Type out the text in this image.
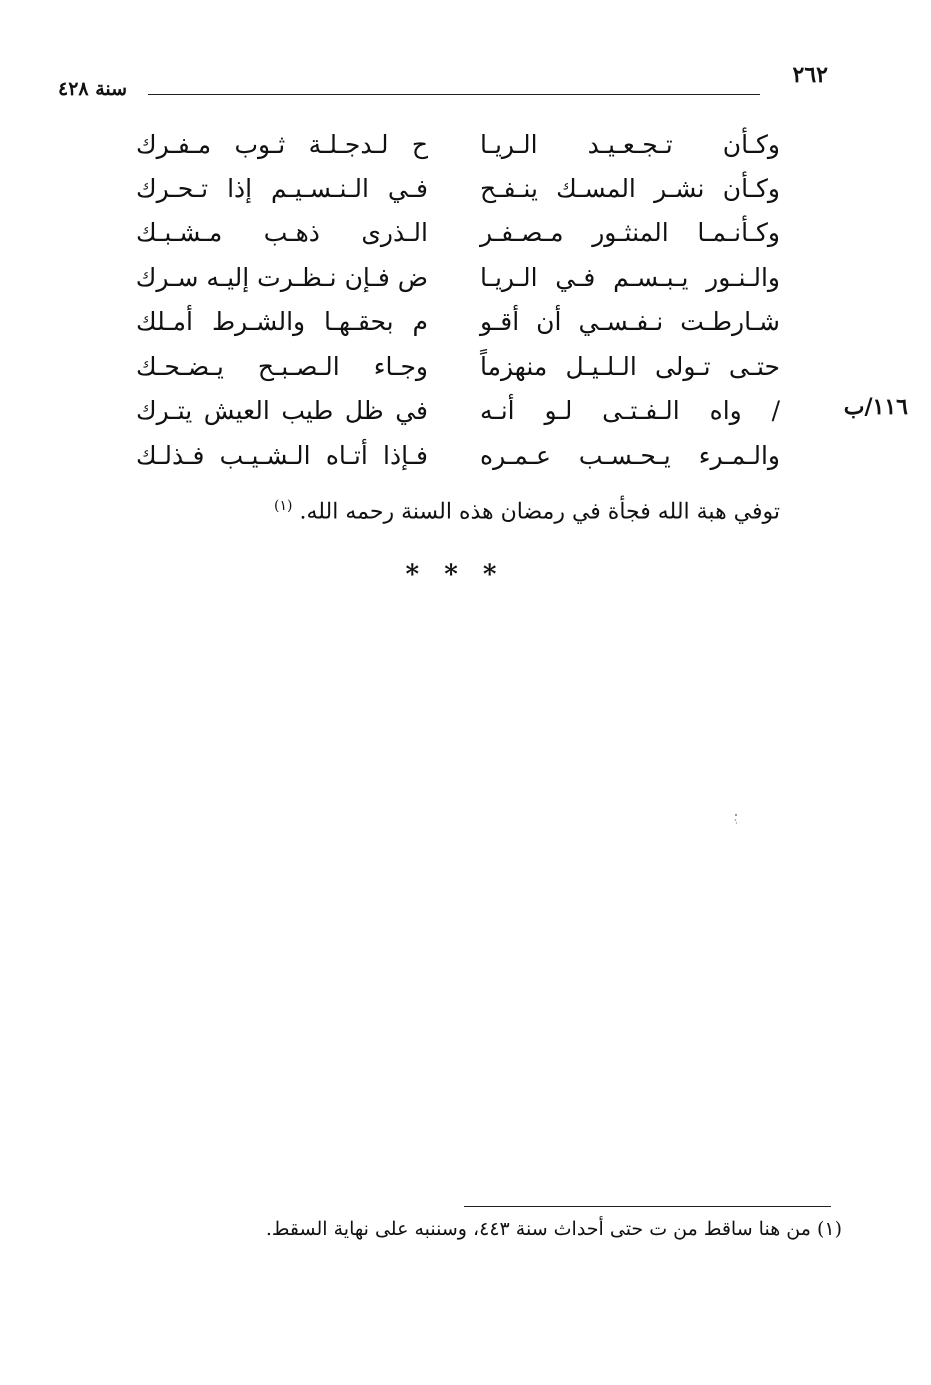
٢٦٢
سنة ٤٢٨
وكـأن تـجـعـيـد الـريـا
ح لـدجـلـة ثـوب مـفـرك
وكـأن نشـر المسـك ينـفـح
فـي الـنـسـيـم إذا تـحـرك
وكـأنـمـا المنثـور مـصـفـر
الـذرى ذهـب مـشـبـك
والـنـور يـبـسـم فـي الـريـا
ض فـإن نـظـرت إليـه سـرك
شـارطـت نـفـسـي أن أقـو
م بحقـهـا والشـرط أمـلك
حتـى تـولى الـلـيـل منهزماً
وجـاء الـصـبـح يـضـحـك
/ واه الـفـتـى لـو أنـه
في ظل طيب العيش يتـرك
والـمـرء يـحـسـب عـمـره
فـإذا أتـاه الـشـيـب فـذلـك
١١٦/ب
توفي هبة الله فجأة في رمضان هذه السنة رحمه الله. $^{(١)}$
* * *
(١) من هنا ساقط من ت حتى أحداث سنة ٤٤٣، وسننبه على نهاية السقط.
